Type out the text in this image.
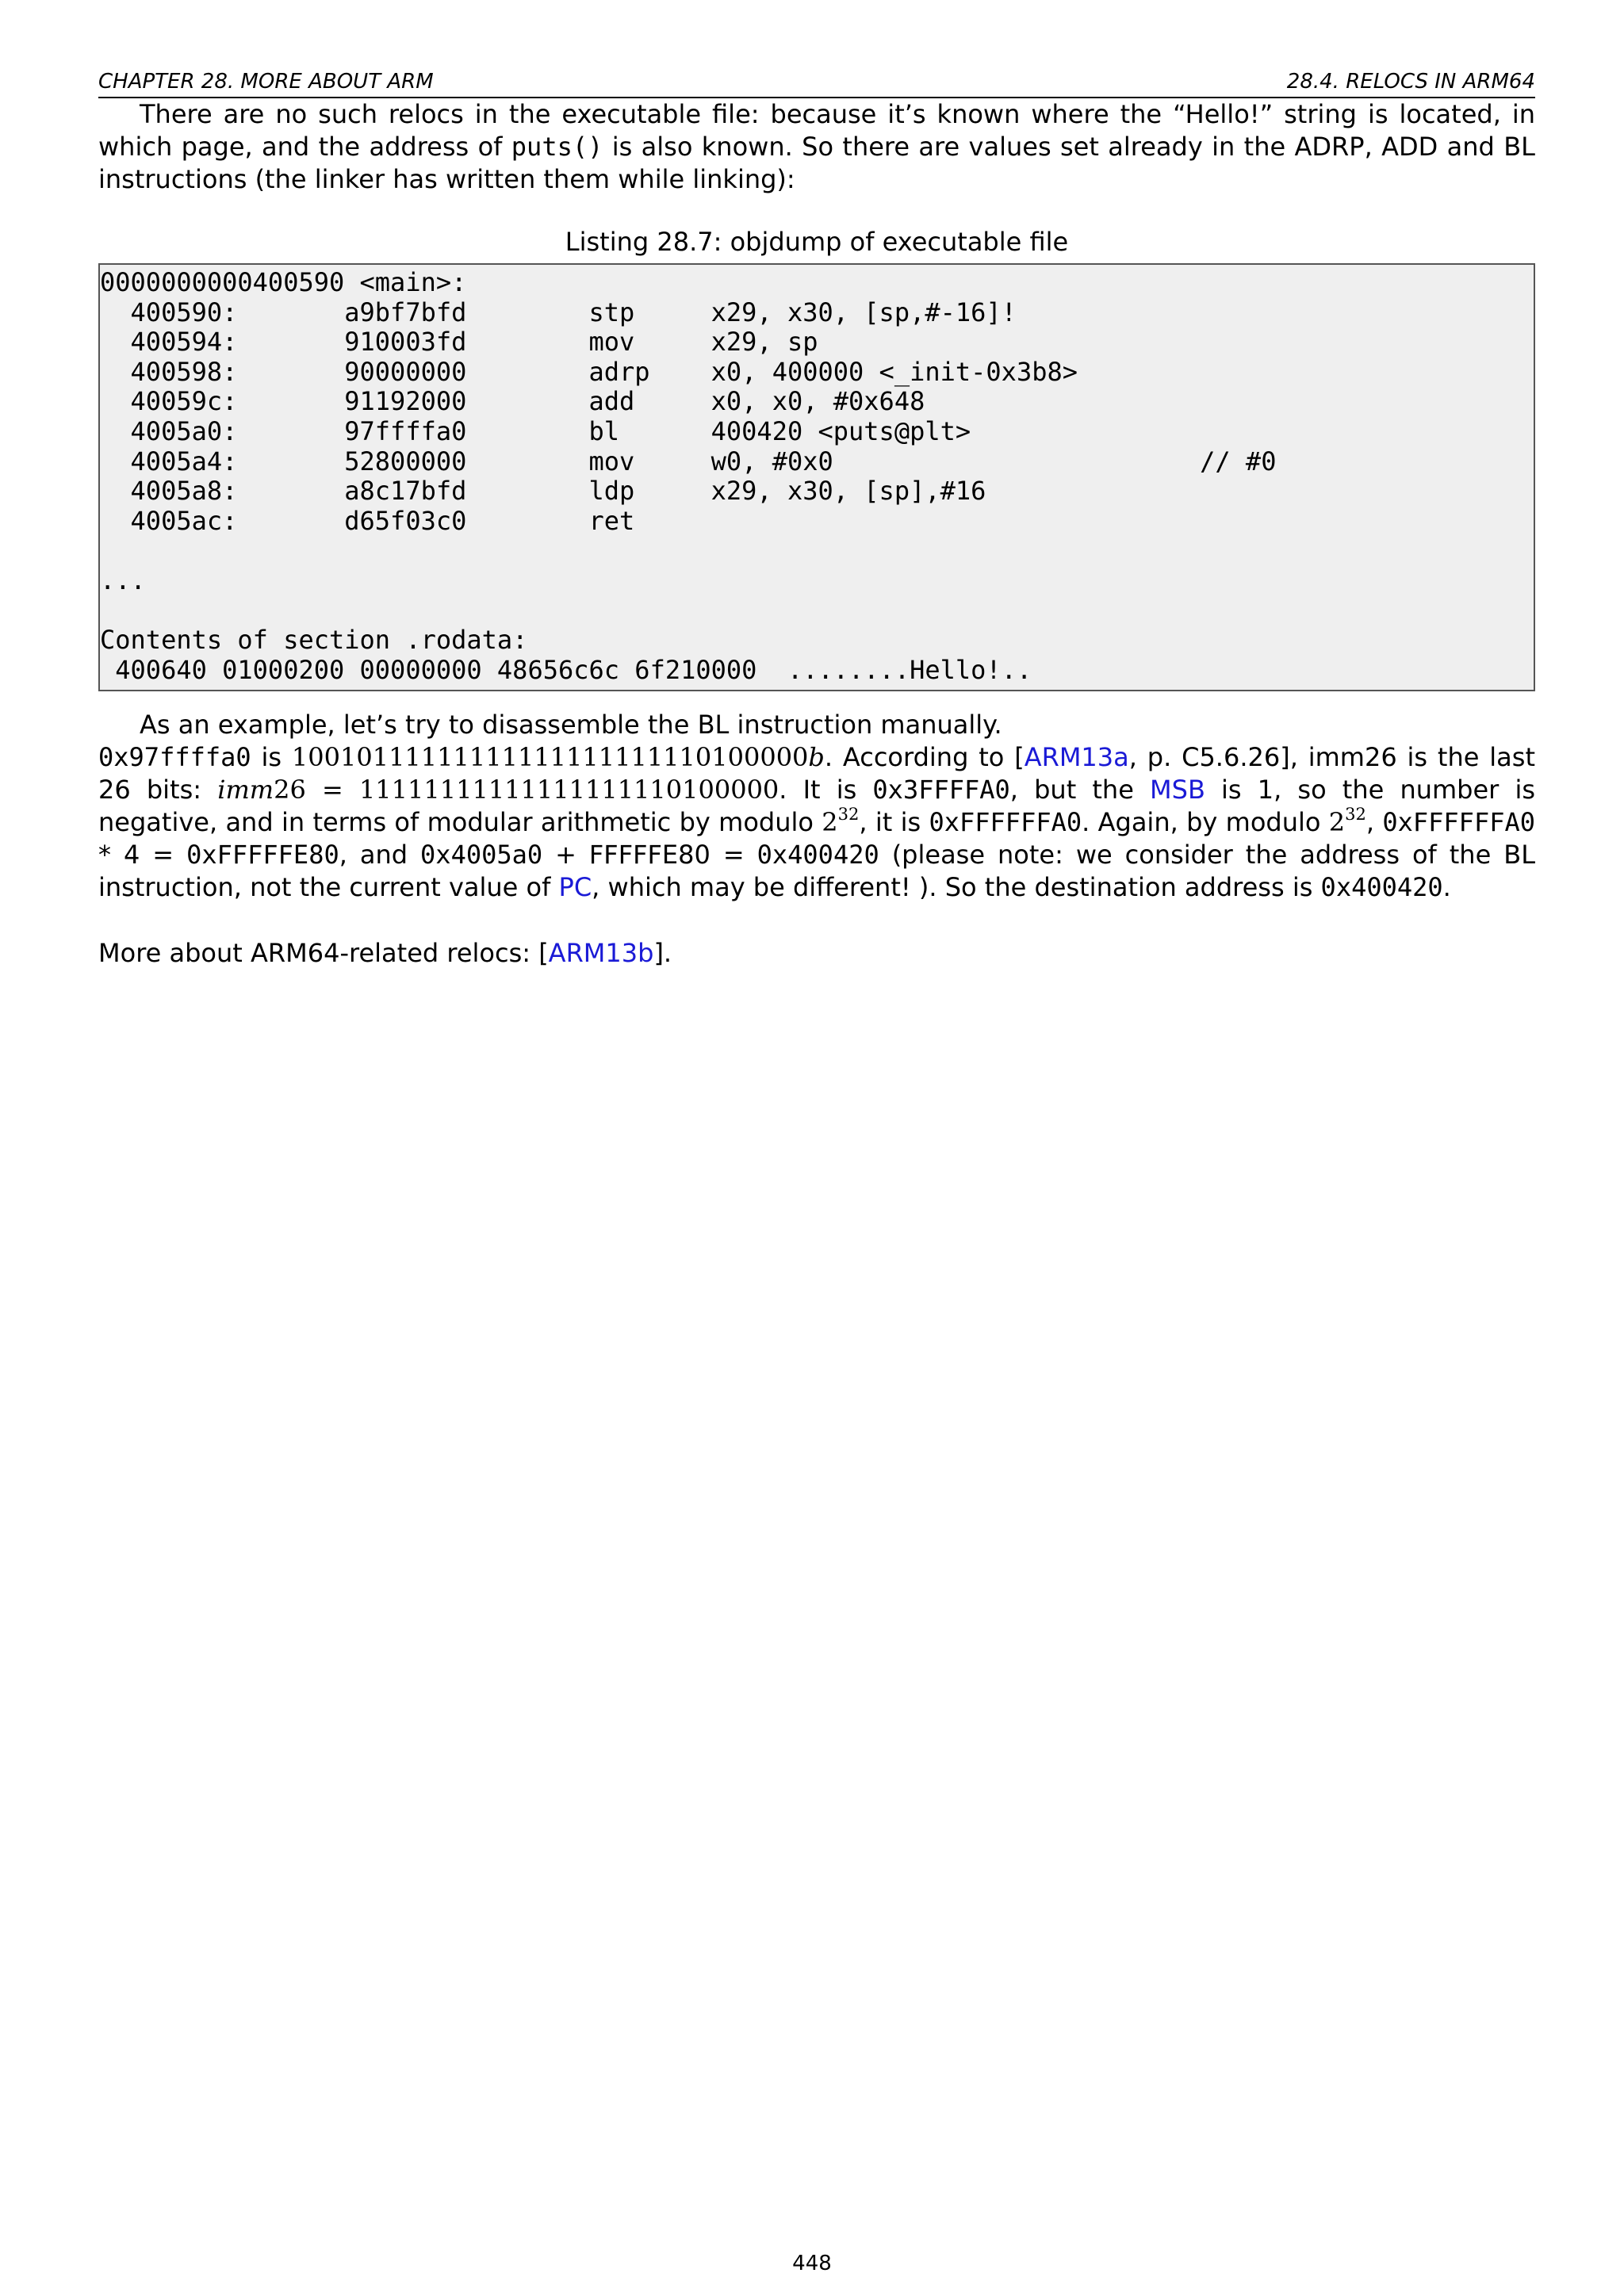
CHAPTER 28. MORE ABOUT ARM	28.4. RELOCS IN ARM64

There are no such relocs in the executable file: because it’s known where the “Hello!” string is located, in which page, and the address of puts() is also known. So there are values set already in the ADRP, ADD and BL instructions (the linker has written them while linking):

Listing 28.7: objdump of executable file
0000000000400590 <main>:
400590:       a9bf7bfd        stp     x29, x30, [sp,#-16]!
400594:       910003fd        mov     x29, sp
400598:       90000000        adrp    x0, 400000 <_init-0x3b8>
40059c:       91192000        add     x0, x0, #0x648
4005a0:       97ffffa0        bl      400420 <puts@plt>
4005a4:       52800000        mov     w0, #0x0                        // #0
4005a8:       a8c17bfd        ldp     x29, x30, [sp],#16
4005ac:       d65f03c0        ret

...

Contents of section .rodata:
400640 01000200 00000000 48656c6c 6f210000  ........Hello!..

As an example, let’s try to disassemble the BL instruction manually.

0x97ffffa0 is 10010111111111111111111110100000b. According to [ARM13a, p. C5.6.26], imm26 is the last 26 bits: imm26 = 11111111111111111110100000. It is 0x3FFFFA0, but the MSB is 1, so the number is negative, and in terms of modular arithmetic by modulo $2^{32}$, it is 0xFFFFFFA0. Again, by modulo $2^{32}$, 0xFFFFFFA0 * 4 = 0xFFFFFE80, and 0x4005a0 + FFFFFE80 = 0x400420 (please note: we consider the address of the BL instruction, not the current value of PC, which may be different! ). So the destination address is 0x400420.

More about ARM64-related relocs: [ARM13b].

448
